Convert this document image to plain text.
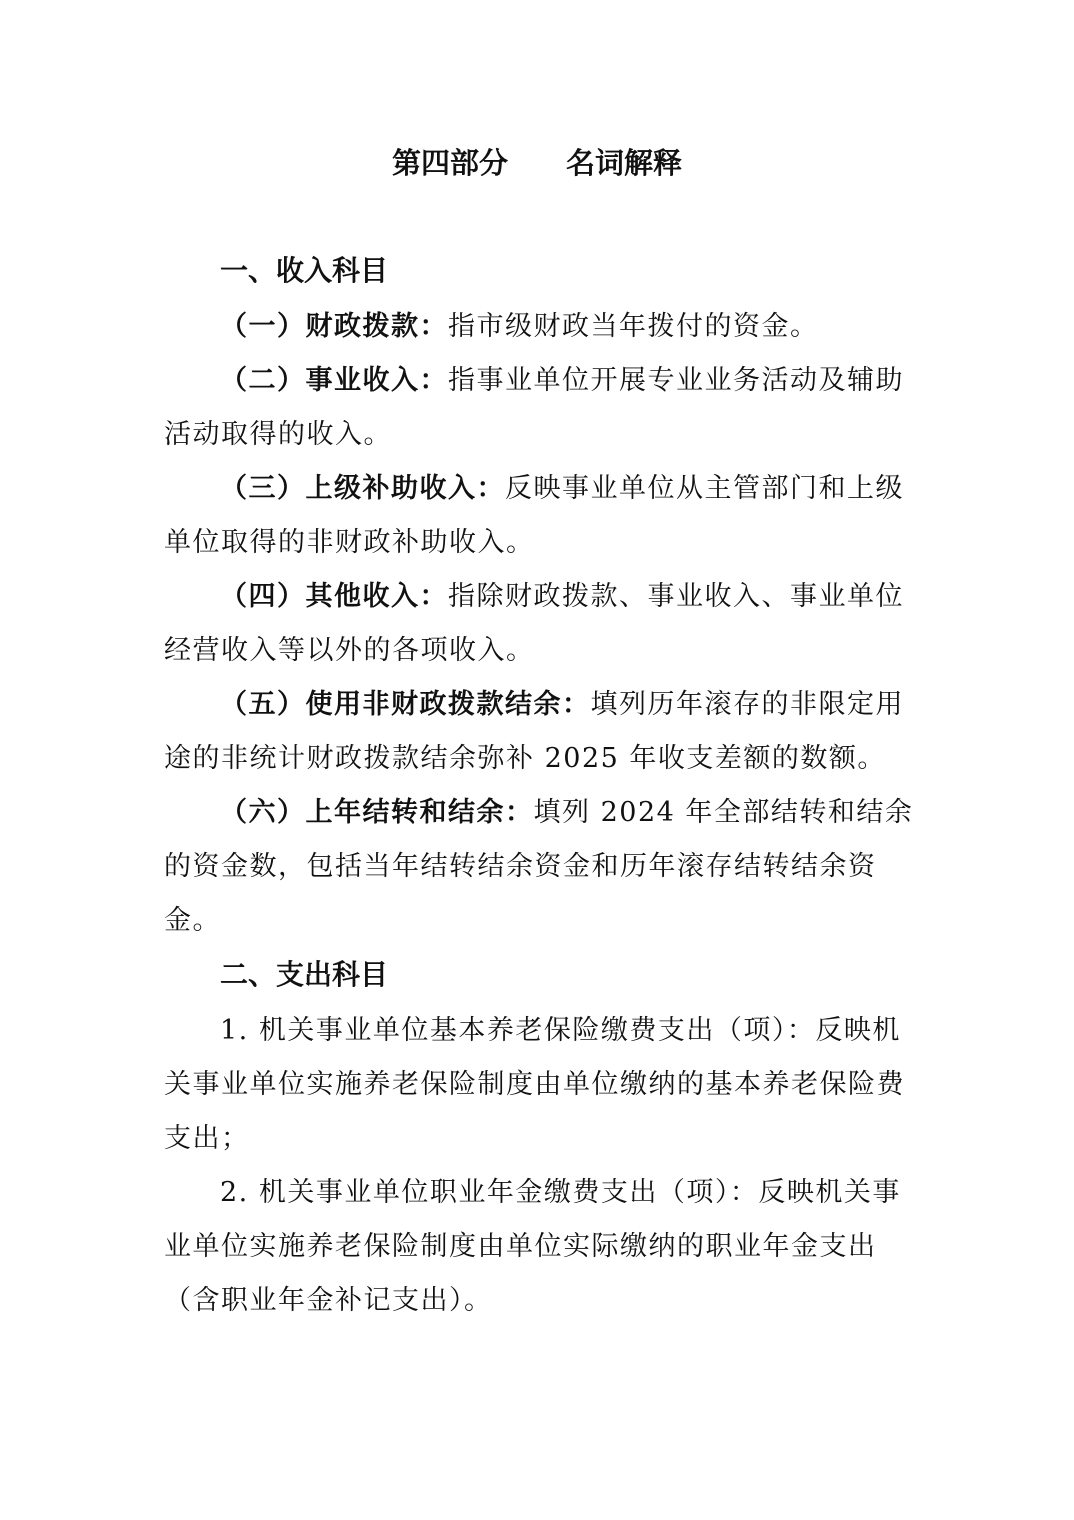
第四部分　　名词解释
一、收入科目

（一）财政拨款：指市级财政当年拨付的资金。

（二）事业收入：指事业单位开展专业业务活动及辅助活动取得的收入。

（三）上级补助收入：反映事业单位从主管部门和上级单位取得的非财政补助收入。

（四）其他收入：指除财政拨款、事业收入、事业单位经营收入等以外的各项收入。

（五）使用非财政拨款结余：填列历年滚存的非限定用途的非统计财政拨款结余弥补 2025 年收支差额的数额。

（六）上年结转和结余：填列 2024 年全部结转和结余的资金数，包括当年结转结余资金和历年滚存结转结余资金。

二、支出科目

1. 机关事业单位基本养老保险缴费支出（项）：反映机关事业单位实施养老保险制度由单位缴纳的基本养老保险费支出；

2. 机关事业单位职业年金缴费支出（项）：反映机关事业单位实施养老保险制度由单位实际缴纳的职业年金支出（含职业年金补记支出）。
